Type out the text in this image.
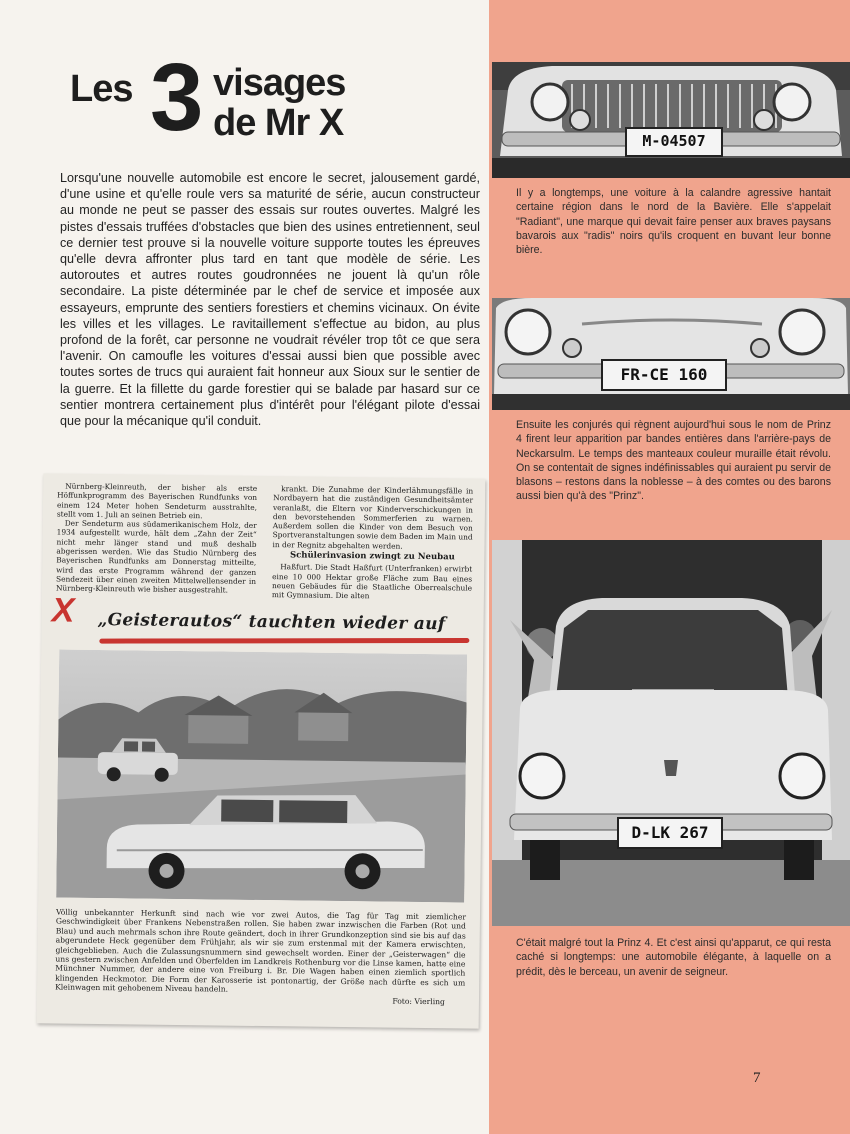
Les 3 visages
de Mr X

Lorsqu'une nouvelle automobile est encore le secret, jalousement gardé, d'une usine et qu'elle roule vers sa maturité de série, aucun constructeur au monde ne peut se passer des essais sur routes ouvertes. Malgré les pistes d'essais truffées d'obstacles que bien des usines entretiennent, seul ce dernier test prouve si la nouvelle voiture supporte toutes les épreuves qu'elle devra affronter plus tard en tant que modèle de série. Les autoroutes et autres routes goudronnées ne jouent là qu'un rôle secondaire. La piste déterminée par le chef de service et imposée aux essayeurs, emprunte des sentiers forestiers et chemins vicinaux. On évite les villes et les villages. Le ravitaillement s'effectue au bidon, au plus profond de la forêt, car personne ne voudrait révéler trop tôt ce que sera l'avenir. On camoufle les voitures d'essai aussi bien que possible avec toutes sortes de trucs qui auraient fait honneur aux Sioux sur le sentier de la guerre. Et la fillette du garde forestier qui se balade par hasard sur ce sentier montrera certainement plus d'intérêt pour l'élégant pilote d'essai que pour la mécanique qu'il conduit.

Nürnberg-Kleinreuth, der bisher als erste Höffunkprogramm des Bayerischen Rundfunks von einem 124 Meter hohen Sendeturm ausstrahlte, stellt vom 1. Juli an seinen Betrieb ein.

Der Sendeturm aus südamerikanischem Holz, der 1934 aufgestellt wurde, hält dem „Zahn der Zeit“ nicht mehr länger stand und muß deshalb abgerissen werden. Wie das Studio Nürnberg des Bayerischen Rundfunks am Donnerstag mitteilte, wird das erste Programm während der ganzen Sendezeit über einen zweiten Mittelwellensender in Nürnberg-Kleinreuth wie bisher ausgestrahlt.

krankt. Die Zunahme der Kinderlähmungsfälle in Nordbayern hat die zuständigen Gesundheitsämter veranlaßt, die Eltern vor Kinderverschickungen in den bevorstehenden Sommerferien zu warnen. Außerdem sollen die Kinder von dem Besuch von Sportveranstaltungen sowie dem Baden im Main und in der Regnitz abgehalten werden.

Schülerinvasion zwingt zu Neubau

Haßfurt. Die Stadt Haßfurt (Unterfranken) erwirbt eine 10 000 Hektar große Fläche zum Bau eines neuen Gebäudes für die Staatliche Oberrealschule mit Gymnasium. Die alten

X „Geisterautos“ tauchten wieder auf

Völlig unbekannter Herkunft sind nach wie vor zwei Autos, die Tag für Tag mit ziemlicher Geschwindigkeit über Frankens Nebenstraßen rollen. Sie haben zwar inzwischen die Farben (Rot und Blau) und auch mehrmals schon ihre Route geändert, doch in ihrer Grundkonzeption sind sie bis auf das abgerundete Heck gegenüber dem Frühjahr, als wir sie zum erstenmal mit der Kamera erwischten, gleichgeblieben. Auch die Zulassungsnummern sind gewechselt worden. Einer der „Geisterwagen“ die uns gestern zwischen Anfelden und Oberfelden im Landkreis Rothenburg vor die Linse kamen, hatte eine Münchner Nummer, der andere eine von Freiburg i. Br. Die Wagen haben einen ziemlich sportlich klingenden Heckmotor. Die Form der Karosserie ist pontonartig, der Größe nach dürfte es sich um Kleinwagen mit gehobenem Niveau handeln.

Foto: Vierling
M-04507
Il y a longtemps, une voiture à la calandre agressive hantait certaine région dans le nord de la Bavière. Elle s'appelait "Radiant", une marque qui devait faire penser aux braves paysans bavarois aux "radis" noirs qu'ils croquent en buvant leur bonne bière.
FR-CE 160
Ensuite les conjurés qui règnent aujourd'hui sous le nom de Prinz 4 firent leur apparition par bandes entières dans l'arrière-pays de Neckarsulm. Le temps des manteaux couleur muraille était révolu. On se contentait de signes indéfinissables qui auraient pu servir de blasons – restons dans la noblesse – à des comtes ou des barons aussi bien qu'à des "Prinz".
D-LK 267
C'était malgré tout la Prinz 4. Et c'est ainsi qu'apparut, ce qui resta caché si longtemps: une automobile élégante, à laquelle on a prédit, dès le berceau, un avenir de seigneur.
7
